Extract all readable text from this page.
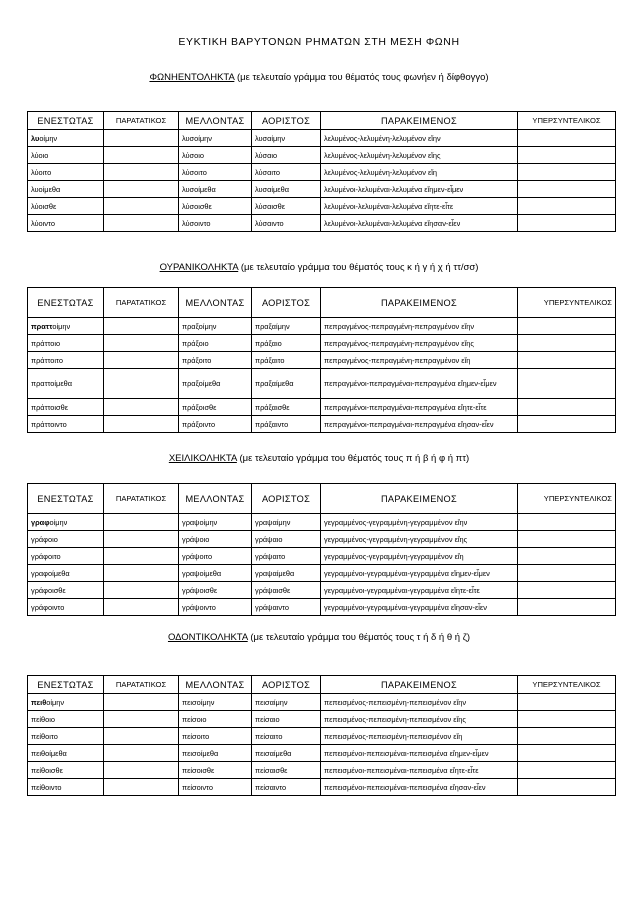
ΕΥΚΤΙΚΗ ΒΑΡΥΤΟΝΩΝ ΡΗΜΑΤΩΝ ΣΤΗ ΜΕΣΗ ΦΩΝΗ
ΦΩΝΗΕΝΤΟΛΗΚΤΑ (με τελευταίο γράμμα του θέματός τους φωνήεν ή δίφθογγο)
ΕΝΕΣΤΩΤΑΣ	ΠΑΡΑΤΑΤΙΚΟΣ	ΜΕΛΛΟΝΤΑΣ	ΑΟΡΙΣΤΟΣ	ΠΑΡΑΚΕΙΜΕΝΟΣ	ΥΠΕΡΣΥΝΤΕΛΙΚΟΣ
λυοίμην		λυσοίμην	λυσαίμην	λελυμένος-λελυμένη-λελυμένον εἴην	
λύοιο		λύσοιο	λύσαιο	λελυμένος-λελυμένη-λελυμένον εἴης	
λύοιτο		λύσοιτο	λύσαιτο	λελυμένος-λελυμένη-λελυμένον εἴη	
λυοίμεθα		λυσοίμεθα	λυσαίμεθα	λελυμένοι-λελυμέναι-λελυμένα εἴημεν-εἶμεν	
λύοισθε		λύσοισθε	λύσαισθε	λελυμένοι-λελυμέναι-λελυμένα εἴητε-εἶτε	
λύοιντο		λύσοιντο	λύσαιντο	λελυμένοι-λελυμέναι-λελυμένα εἴησαν-εἶεν	
ΟΥΡΑΝΙΚΟΛΗΚΤΑ (με τελευταίο γράμμα του θέματός τους κ ή γ ή χ ή ττ/σσ)
ΕΝΕΣΤΩΤΑΣ	ΠΑΡΑΤΑΤΙΚΟΣ	ΜΕΛΛΟΝΤΑΣ	ΑΟΡΙΣΤΟΣ	ΠΑΡΑΚΕΙΜΕΝΟΣ	ΥΠΕΡΣΥΝΤΕΛΙΚΟΣ
πραττοίμην		πραξοίμην	πραξαίμην	πεπραγμένος-πεπραγμένη-πεπραγμένον εἴην	
πράττοιο		πράξοιο	πράξαιο	πεπραγμένος-πεπραγμένη-πεπραγμένον εἴης	
πράττοιτο		πράξοιτο	πράξαιτο	πεπραγμένος-πεπραγμένη-πεπραγμένον εἴη	
πραττοίμεθα		πραξοίμεθα	πραξαίμεθα	πεπραγμένοι-πεπραγμέναι-πεπραγμένα εἴημεν-εἶμεν	
πράττοισθε		πράξοισθε	πράξαισθε	πεπραγμένοι-πεπραγμέναι-πεπραγμένα εἴητε-εἶτε	
πράττοιντο		πράξοιντο	πράξαιντο	πεπραγμένοι-πεπραγμέναι-πεπραγμένα εἴησαν-εἶεν	
ΧΕΙΛΙΚΟΛΗΚΤΑ (με τελευταίο γράμμα του θέματός τους π ή β ή φ ή πτ)
ΕΝΕΣΤΩΤΑΣ	ΠΑΡΑΤΑΤΙΚΟΣ	ΜΕΛΛΟΝΤΑΣ	ΑΟΡΙΣΤΟΣ	ΠΑΡΑΚΕΙΜΕΝΟΣ	ΥΠΕΡΣΥΝΤΕΛΙΚΟΣ
γραφοίμην		γραψοίμην	γραψαίμην	γεγραμμένος-γεγραμμένη-γεγραμμένον εἴην	
γράφοιο		γράψοιο	γράψαιο	γεγραμμένος-γεγραμμένη-γεγραμμένον εἴης	
γράφοιτο		γράψοιτο	γράψαιτο	γεγραμμένος-γεγραμμένη-γεγραμμένον εἴη	
γραφοίμεθα		γραψοίμεθα	γραψαίμεθα	γεγραμμένοι-γεγραμμέναι-γεγραμμένα εἴημεν-εἶμεν	
γράφοισθε		γράψοισθε	γράψαισθε	γεγραμμένοι-γεγραμμέναι-γεγραμμένα εἴητε-εἶτε	
γράφοιντο		γράψοιντο	γράψαιντο	γεγραμμένοι-γεγραμμέναι-γεγραμμένα εἴησαν-εἶεν	
ΟΔΟΝΤΙΚΟΛΗΚΤΑ (με τελευταίο γράμμα του θέματός τους τ ή δ ή θ ή ζ)
ΕΝΕΣΤΩΤΑΣ	ΠΑΡΑΤΑΤΙΚΟΣ	ΜΕΛΛΟΝΤΑΣ	ΑΟΡΙΣΤΟΣ	ΠΑΡΑΚΕΙΜΕΝΟΣ	ΥΠΕΡΣΥΝΤΕΛΙΚΟΣ
πειθοίμην		πεισοίμην	πεισαίμην	πεπεισμένος-πεπεισμένη-πεπεισμένον εἴην	
πείθοιο		πείσοιο	πείσαιο	πεπεισμένος-πεπεισμένη-πεπεισμένον εἴης	
πείθοιτο		πείσοιτο	πείσαιτο	πεπεισμένος-πεπεισμένη-πεπεισμένον εἴη	
πειθοίμεθα		πεισοίμεθα	πεισαίμεθα	πεπεισμένοι-πεπεισμέναι-πεπεισμένα εἴημεν-εἶμεν	
πείθοισθε		πείσοισθε	πείσαισθε	πεπεισμένοι-πεπεισμέναι-πεπεισμένα εἴητε-εἶτε	
πείθοιντο		πείσοιντο	πείσαιντο	πεπεισμένοι-πεπεισμέναι-πεπεισμένα εἴησαν-εἶεν	
